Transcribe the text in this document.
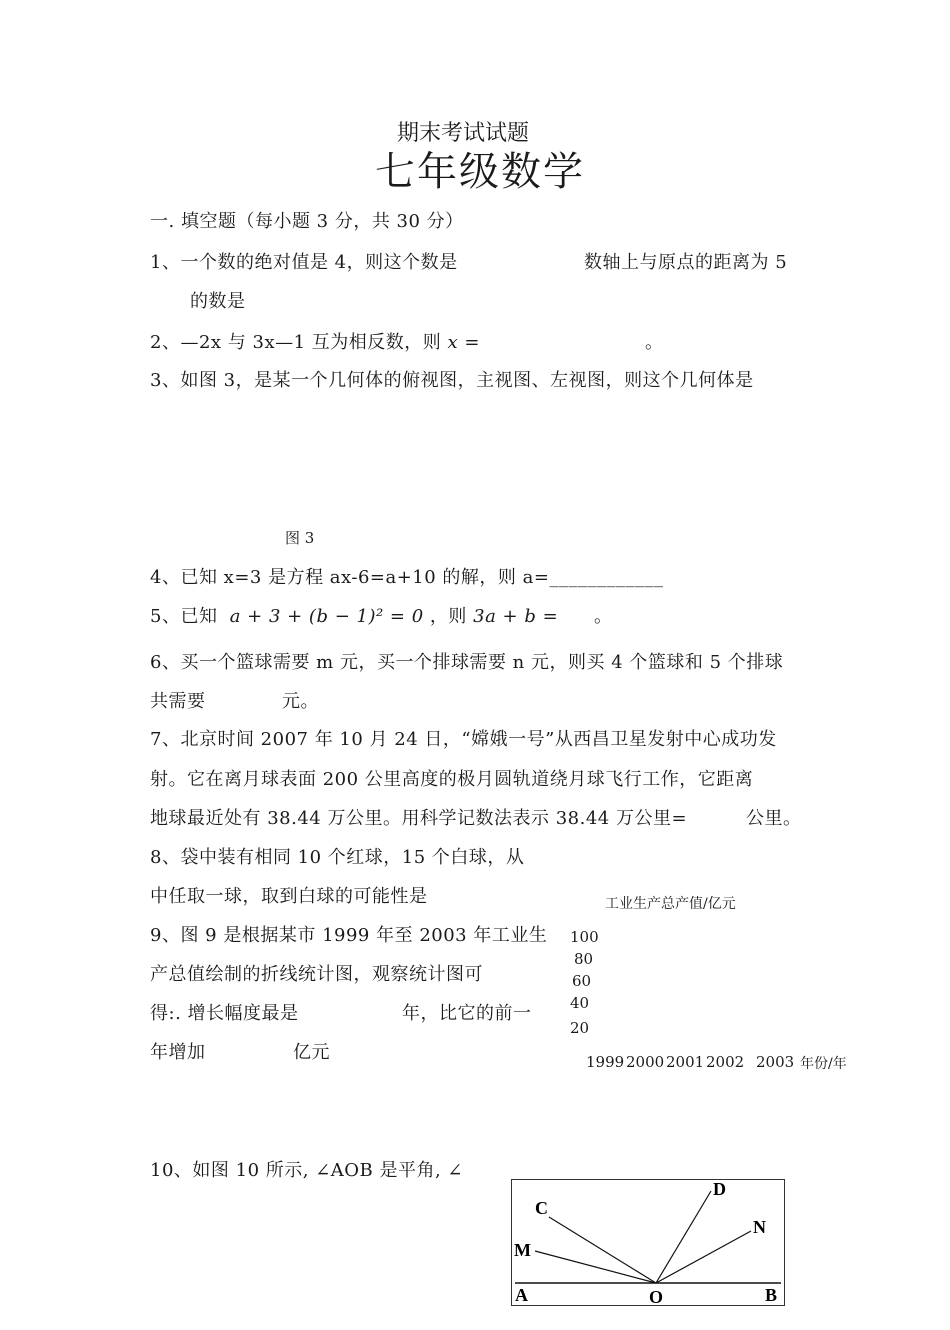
期末考试试题
七年级数学
一. 填空题（每小题 3 分，共 30 分）
1、一个数的绝对值是 4，则这个数是	数轴上与原点的距离为 5
的数是
2、—2x 与 3x—1 互为相反数，则 x =	。
3、如图 3，是某一个几何体的俯视图，主视图、左视图，则这个几何体是
图 3
4、已知 x=3 是方程 ax-6=a+10 的解，则 a=____________
5、已知 a + 3 + (b − 1)² = 0 ，则 3a + b = 。
6、买一个篮球需要 m 元，买一个排球需要 n 元，则买 4 个篮球和 5 个排球
共需要	元。
7、北京时间 2007 年 10 月 24 日，“嫦娥一号”从西昌卫星发射中心成功发
射。它在离月球表面 200 公里高度的极月圆轨道绕月球飞行工作，它距离
地球最近处有 38.44 万公里。用科学记数法表示 38.44 万公里=	公里。
8、袋中装有相同 10 个红球，15 个白球，从
中任取一球，取到白球的可能性是
9、图 9 是根据某市 1999 年至 2003 年工业生
产总值绘制的折线统计图，观察统计图可
得:. 增长幅度最是	年，比它的前一
年增加	亿元
工业生产总产值/亿元
100
80
60
40
20
1999 2000 2001 2002 2003 年份/年
10、如图 10 所示, ∠AOB 是平角, ∠
A	O	B
C
M
D
N
